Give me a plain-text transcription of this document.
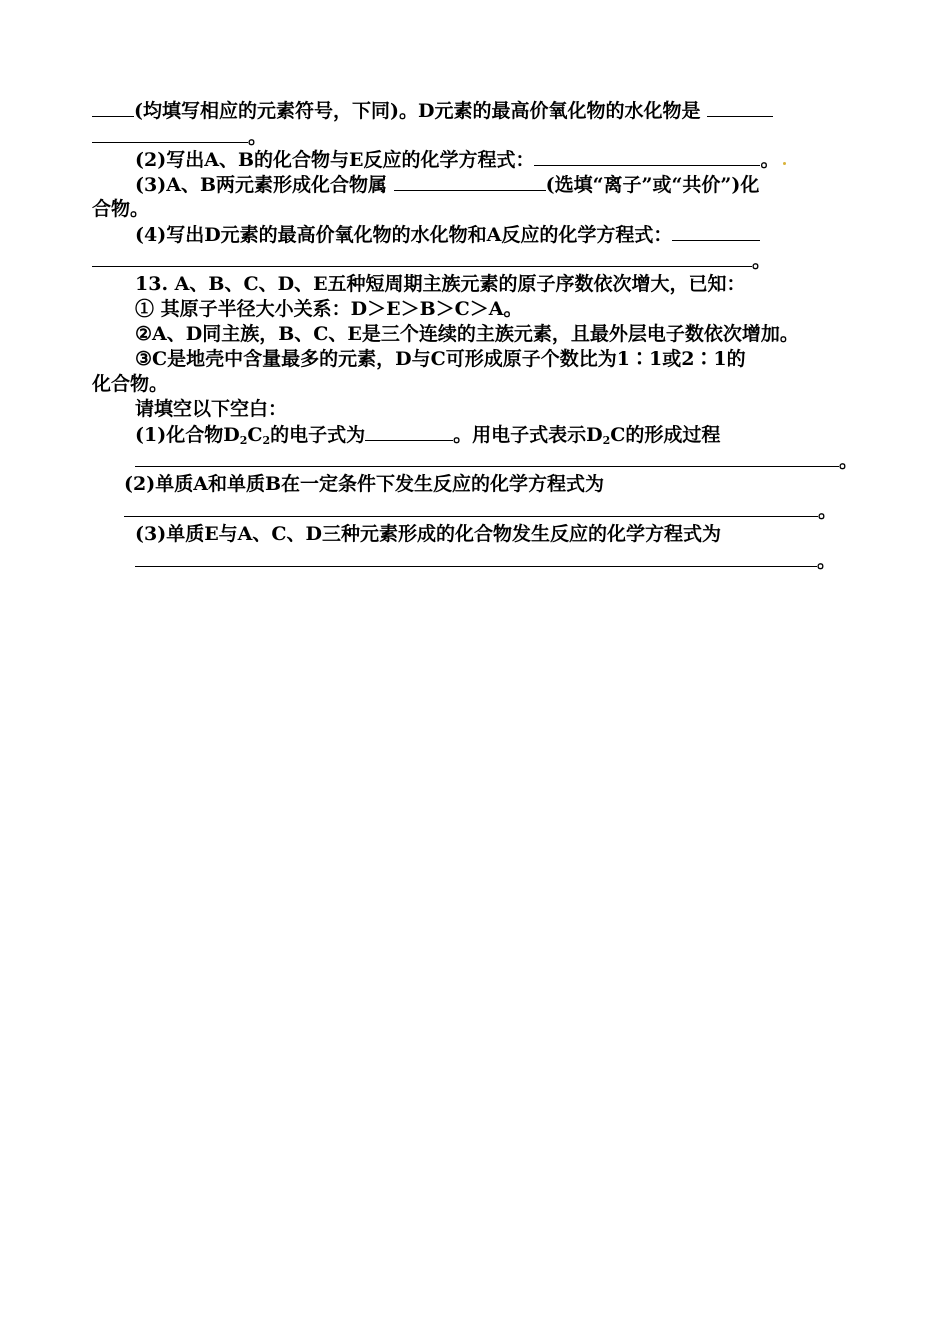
(均填写相应的元素符号，下同)。D元素的最高价氧化物的水化物是
。
(2)写出A、B的化合物与E反应的化学方程式：	。
(3)A、B两元素形成化合物属	(选填“离子”或“共价”)化
合物。
(4)写出D元素的最高价氧化物的水化物和A反应的化学方程式：
。
13. A、B、C、D、E五种短周期主族元素的原子序数依次增大，已知：
① 其原子半径大小关系：D＞E＞B＞C＞A。
②A、D同主族，B、C、E是三个连续的主族元素，且最外层电子数依次增加。
③C是地壳中含量最多的元素，D与C可形成原子个数比为1∶1或2∶1的
化合物。
请填空以下空白：
(1)化合物$D_2C_2$的电子式为	。用电子式表示$D_2C$的形成过程
。
(2)单质A和单质B在一定条件下发生反应的化学方程式为
。
(3)单质E与A、C、D三种元素形成的化合物发生反应的化学方程式为
。
